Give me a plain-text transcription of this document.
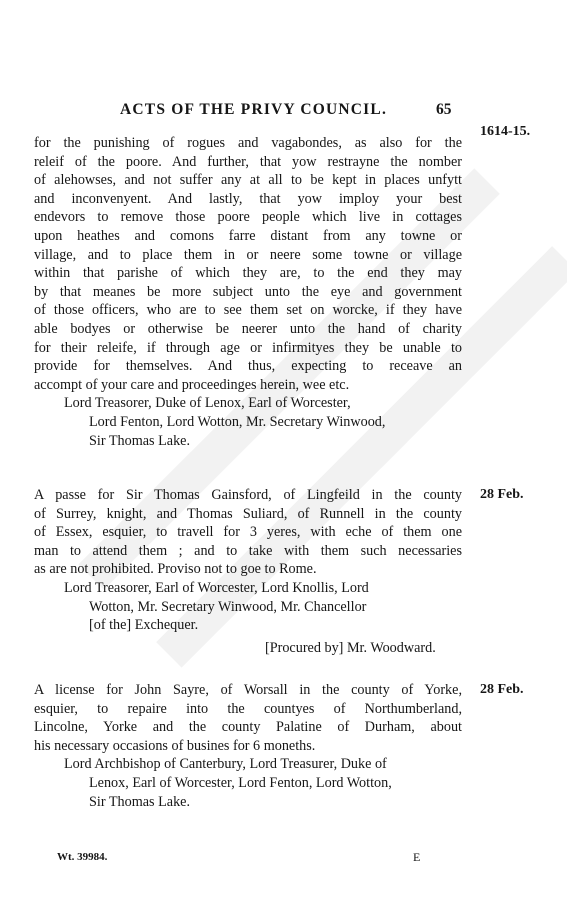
ACTS OF THE PRIVY COUNCIL.	65
1614-15.
for the punishing of rogues and vagabondes, as also for the
releif of the poore. And further, that yow restrayne the nomber
of alehowses, and not suffer any at all to be kept in places unfytt
and inconvenyent. And lastly, that yow imploy your best
endevors to remove those poore people which live in cottages
upon heathes and comons farre distant from any towne or
village, and to place them in or neere some towne or village
within that parishe of which they are, to the end they may
by that meanes be more subject unto the eye and government
of those officers, who are to see them set on worcke, if they have
able bodyes or otherwise be neerer unto the hand of charity
for their releife, if through age or infirmityes they be unable to
provide for themselves. And thus, expecting to receave an
accompt of your care and proceedinges herein, wee etc.
Lord Treasorer, Duke of Lenox, Earl of Worcester,
Lord Fenton, Lord Wotton, Mr. Secretary Winwood,
Sir Thomas Lake.
28 Feb.
A passe for Sir Thomas Gainsford, of Lingfeild in the county
of Surrey, knight, and Thomas Suliard, of Runnell in the county
of Essex, esquier, to travell for 3 yeres, with eche of them one
man to attend them ; and to take with them such necessaries
as are not prohibited. Proviso not to goe to Rome.
Lord Treasorer, Earl of Worcester, Lord Knollis, Lord
Wotton, Mr. Secretary Winwood, Mr. Chancellor
[of the] Exchequer.
[Procured by] Mr. Woodward.
28 Feb.
A license for John Sayre, of Worsall in the county of Yorke,
esquier, to repaire into the countyes of Northumberland,
Lincolne, Yorke and the county Palatine of Durham, about
his necessary occasions of busines for 6 moneths.
Lord Archbishop of Canterbury, Lord Treasurer, Duke of
Lenox, Earl of Worcester, Lord Fenton, Lord Wotton,
Sir Thomas Lake.
Wt. 39984.	E
